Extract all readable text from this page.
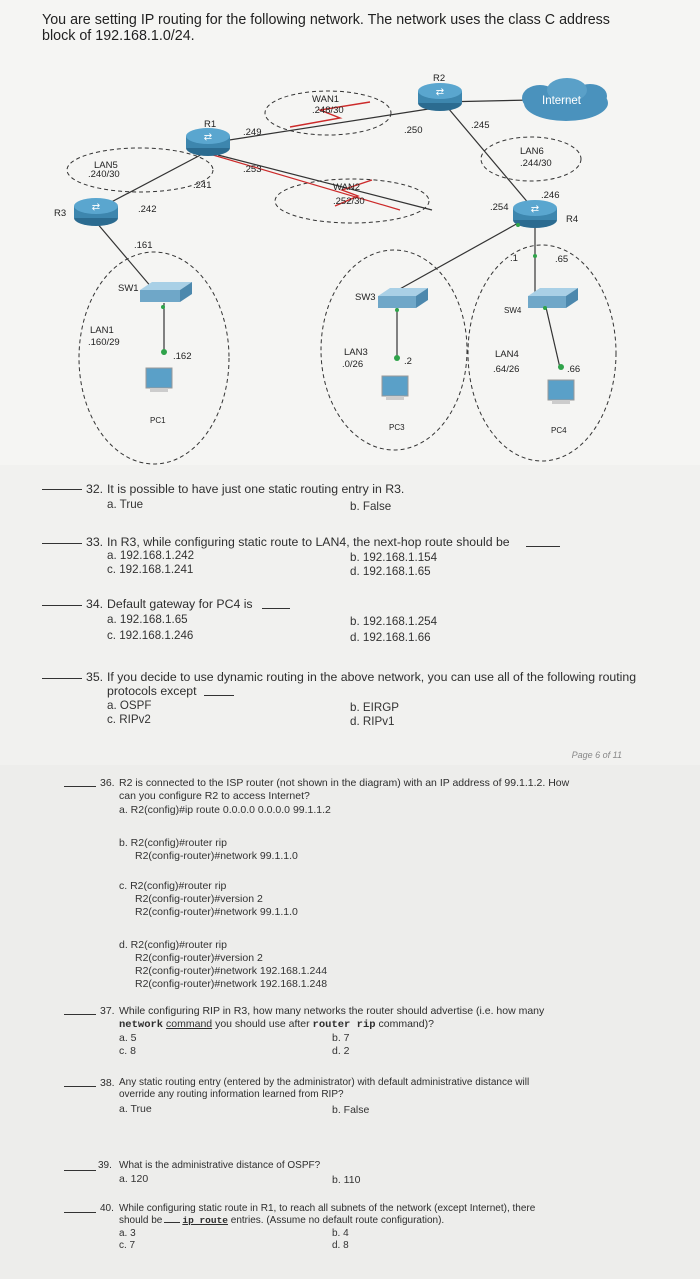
You are setting IP routing for the following network. The network uses the class C address block of 192.168.1.0/24.
⇄
⇄
⇄	⇄
R1
R2
R3
R4
Internet
WAN1
.248/30
WAN2
.252/30
LAN5
.240/30
LAN6
.244/30
LAN1
.160/29
LAN3
.0/26
LAN4
.64/26
SW1
SW3
SW4
PC1
PC3	PC4
.249
.253
.241
.242
.250	.245
.246
.254
.161
.162	.2
.1	.65
.66
32. It is possible to have just one static routing entry in R3.
a. True	b. False
33. In R3, while configuring static route to LAN4, the next-hop route should be
a. 192.168.1.242	b. 192.168.1.154
c. 192.168.1.241	d. 192.168.1.65
34. Default gateway for PC4 is
a. 192.168.1.65	b. 192.168.1.254
c. 192.168.1.246	d. 192.168.1.66
35. If you decide to use dynamic routing in the above network, you can use all of the following routing
protocols except
a. OSPF	b. EIRGP
c. RIPv2	d. RIPv1
Page 6 of 11
36. R2 is connected to the ISP router (not shown in the diagram) with an IP address of 99.1.1.2. How
can you configure R2 to access Internet?
a. R2(config)#ip route 0.0.0.0 0.0.0.0 99.1.1.2
b. R2(config)#router rip
R2(config-router)#network 99.1.1.0
c. R2(config)#router rip
R2(config-router)#version 2
R2(config-router)#network 99.1.1.0
d. R2(config)#router rip
R2(config-router)#version 2
R2(config-router)#network 192.168.1.244
R2(config-router)#network 192.168.1.248
37. While configuring RIP in R3, how many networks the router should advertise (i.e. how many
network command you should use after router rip command)?
a. 5	b. 7
c. 8	d. 2
38. Any static routing entry (entered by the administrator) with default administrative distance will
override any routing information learned from RIP?
a. True	b. False
39. What is the administrative distance of OSPF?
a. 120	b. 110
40. While configuring static route in R1, to reach all subnets of the network (except Internet), there
should be ip route entries. (Assume no default route configuration).
a. 3	b. 4
c. 7	d. 8
